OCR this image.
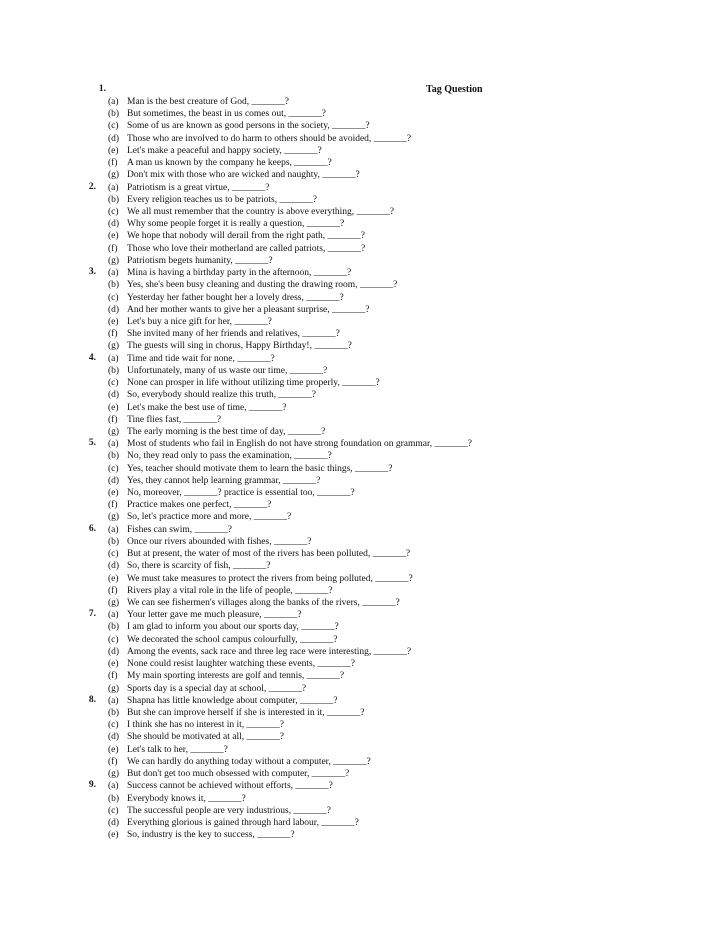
Tag Question
1.
(a) Man is the best creature of God, _______?
(b) But sometimes, the beast in us comes out, _______?
(c) Some of us are known as good persons in the society, _______?
(d) Those who are involved to do harm to others should be avoided, _______?
(e) Let's make a peaceful and happy society, _______?
(f) A man us known by the company he keeps, _______?
(g) Don't mix with those who are wicked and naughty, _______?
2. (a) Patriotism is a great virtue, _______?
(b) Every religion teaches us to be patriots, _______?
(c) We all must remember that the country is above everything, _______?
(d) Why some people forget it is really a question, _______?
(e) We hope that nobody will derail from the right path, _______?
(f) Those who love their motherland are called patriots, _______?
(g) Patriotism begets humanity, _______?
3. (a) Mina is having a birthday party in the afternoon, _______?
(b) Yes, she's been busy cleaning and dusting the drawing room, _______?
(c) Yesterday her father bought her a lovely dress, _______?
(d) And her mother wants to give her a pleasant surprise, _______?
(e) Let's buy a nice gift for her, _______?
(f) She invited many of her friends and relatives, _______?
(g) The guests will sing in chorus, Happy Birthday!, _______?
4. (a) Time and tide wait for none, _______?
(b) Unfortunately, many of us waste our time, _______?
(c) None can prosper in life without utilizing time properly, _______?
(d) So, everybody should realize this truth, _______?
(e) Let's make the best use of time, _______?
(f) Tine flies fast, _______?
(g) The early morning is the best time of day, _______?
5. (a) Most of students who fail in English do not have strong foundation on grammar, _______?
(b) No, they read only to pass the examination, _______?
(c) Yes, teacher should motivate them to learn the basic things, _______?
(d) Yes, they cannot help learning grammar, _______?
(e) No, moreover, _______? practice is essential too, _______?
(f) Practice makes one perfect, _______?
(g) So, let's practice more and more, _______?
6. (a) Fishes can swim, _______?
(b) Once our rivers abounded with fishes, _______?
(c) But at present, the water of most of the rivers has been polluted, _______?
(d) So, there is scarcity of fish, _______?
(e) We must take measures to protect the rivers from being polluted, _______?
(f) Rivers play a vital role in the life of people, _______?
(g) We can see fishermen's villages along the banks of the rivers, _______?
7. (a) Your letter gave me much pleasure, _______?
(b) I am glad to inform you about our sports day, _______?
(c) We decorated the school campus colourfully, _______?
(d) Among the events, sack race and three leg race were interesting, _______?
(e) None could resist laughter watching these events, _______?
(f) My main sporting interests are golf and tennis, _______?
(g) Sports day is a special day at school, _______?
8. (a) Shapna has little knowledge about computer, _______?
(b) But she can improve herself if she is interested in it, _______?
(c) I think she has no interest in it, _______?
(d) She should be motivated at all, _______?
(e) Let's talk to her, _______?
(f) We can hardly do anything today without a computer, _______?
(g) But don't get too much obsessed with computer, _______?
9. (a) Success cannot be achieved without efforts, _______?
(b) Everybody knows it, _______?
(c) The successful people are very industrious, _______?
(d) Everything glorious is gained through hard labour, _______?
(e) So, industry is the key to success, _______?
